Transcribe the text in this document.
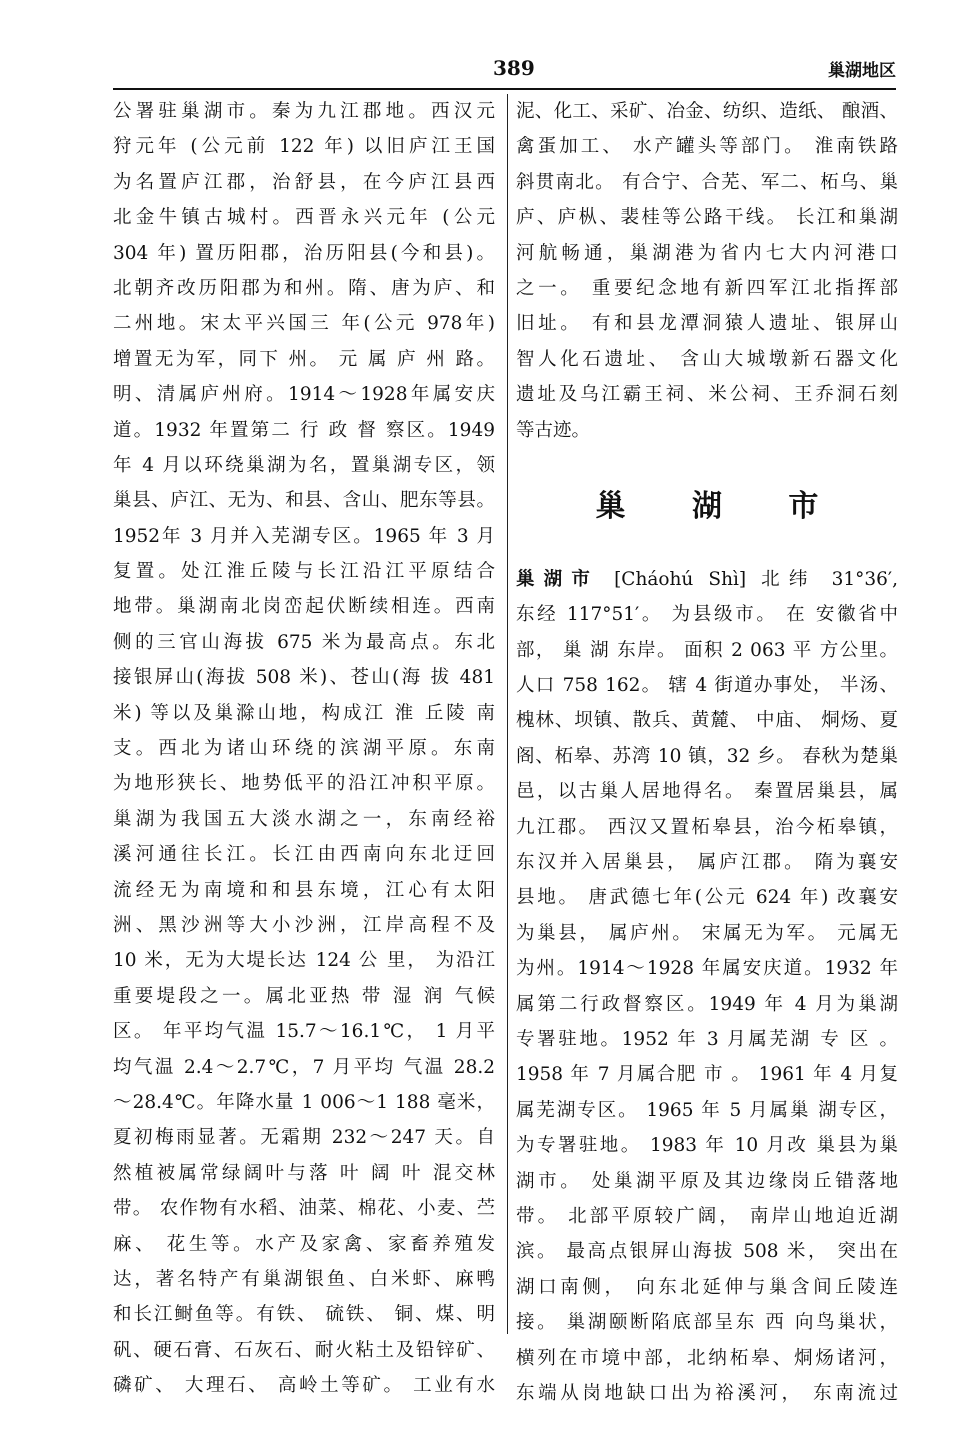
389	巢湖地区
公署驻巢湖市。秦为九江郡地。西汉元
狩元年 (公元前 122 年) 以旧庐江王国
为名置庐江郡，治舒县，在今庐江县西
北金牛镇古城村。西晋永兴元年 (公元
304 年) 置历阳郡，治历阳县(今和县)。
北朝齐改历阳郡为和州。隋、唐为庐、和
二州地。宋太平兴国三 年(公元 978年)
增置无为军，同下 州。 元 属 庐 州 路。
明、清属庐州府。1914～1928年属安庆
道。1932 年置第二 行 政 督 察区。1949
年 4 月以环绕巢湖为名，置巢湖专区，领
巢县、庐江、无为、和县、含山、肥东等县。
1952年 3 月并入芜湖专区。1965 年 3 月
复置。处江淮丘陵与长江沿江平原结合
地带。巢湖南北岗峦起伏断续相连。西南
侧的三官山海拔 675 米为最高点。东北
接银屏山(海拔 508 米)、苍山(海 拔 481
米) 等以及巢滁山地，构成江 淮 丘陵 南
支。西北为诸山环绕的滨湖平原。东南
为地形狭长、地势低平的沿江冲积平原。
巢湖为我国五大淡水湖之一，东南经裕
溪河通往长江。长江由西南向东北迂回
流经无为南境和和县东境，江心有太阳
洲、黑沙洲等大小沙洲，江岸高程不及
10 米，无为大堤长达 124 公 里， 为沿江
重要堤段之一。属北亚热 带 湿 润 气候
区。 年平均气温 15.7～16.1℃， 1 月平
均气温 2.4～2.7℃，7 月平均 气温 28.2
～28.4℃。年降水量 1 006～1 188 毫米，
夏初梅雨显著。无霜期 232～247 天。自
然植被属常绿阔叶与落 叶 阔 叶 混交林
带。 农作物有水稻、油菜、棉花、小麦、苎
麻、 花生等。水产及家禽、家畜养殖发
达，著名特产有巢湖银鱼、白米虾、麻鸭
和长江鲥鱼等。有铁、 硫铁、 铜、煤、明
矾、硬石膏、石灰石、耐火粘土及铅锌矿、
磷矿、 大理石、 高岭土等矿。 工业有水
泥、化工、采矿、冶金、纺织、造纸、 酿酒、
禽蛋加工、 水产罐头等部门。 淮南铁路
斜贯南北。 有合宁、合芜、军二、柘乌、巢
庐、庐枞、裴桂等公路干线。 长江和巢湖
河航畅通，巢湖港为省内七大内河港口
之一。 重要纪念地有新四军江北指挥部
旧址。 有和县龙潭洞猿人遗址、银屏山
智人化石遗址、 含山大城墩新石器文化
遗址及乌江霸王祠、米公祠、王乔洞石刻
等古迹。
巢 湖 市
巢湖市 [Cháohú Shì] 北纬 31°36′,
东经 117°51′。 为县级市。 在 安徽省中
部， 巢 湖 东岸。 面积 2 063 平 方公里。
人口 758 162。 辖 4 街道办事处， 半汤、
槐林、坝镇、散兵、黄麓、 中庙、 烔炀、夏
阁、柘皋、苏湾 10 镇，32 乡。 春秋为楚巢
邑，以古巢人居地得名。 秦置居巢县，属
九江郡。 西汉又置柘皋县，治今柘皋镇，
东汉并入居巢县， 属庐江郡。 隋为襄安
县地。 唐武德七年(公元 624 年) 改襄安
为巢县， 属庐州。 宋属无为军。 元属无
为州。1914～1928 年属安庆道。1932 年
属第二行政督察区。1949 年 4 月为巢湖
专署驻地。1952 年 3 月属芜湖 专 区 。
1958 年 7 月属合肥 市 。 1961 年 4 月复
属芜湖专区。 1965 年 5 月属巢 湖专区，
为专署驻地。 1983 年 10 月改 巢县为巢
湖市。 处巢湖平原及其边缘岗丘错落地
带。 北部平原较广阔， 南岸山地迫近湖
滨。 最高点银屏山海拔 508 米， 突出在
湖口南侧， 向东北延伸与巢含间丘陵连
接。 巢湖颐断陷底部呈东 西 向鸟巢状，
横列在市境中部，北纳柘皋、烔炀诸河，
东端从岗地缺口出为裕溪河， 东南流过
